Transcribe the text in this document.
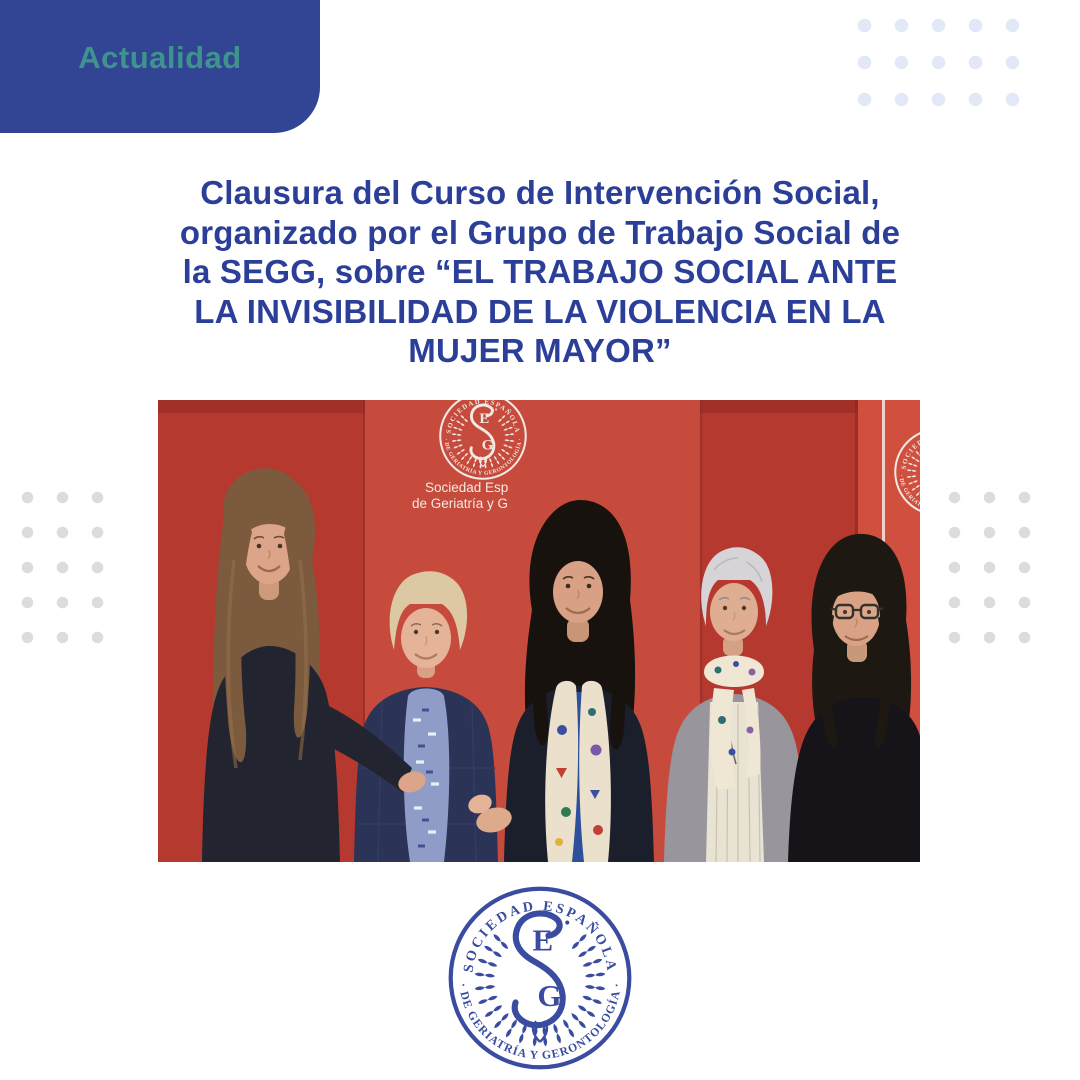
Actualidad
Clausura del Curso de Intervención Social,
organizado por el Grupo de Trabajo Social de
la SEGG, sobre “EL TRABAJO SOCIAL ANTE
LA INVISIBILIDAD DE LA VIOLENCIA EN LA
MUJER MAYOR”
Sociedad Esp
de Geriatría y G
